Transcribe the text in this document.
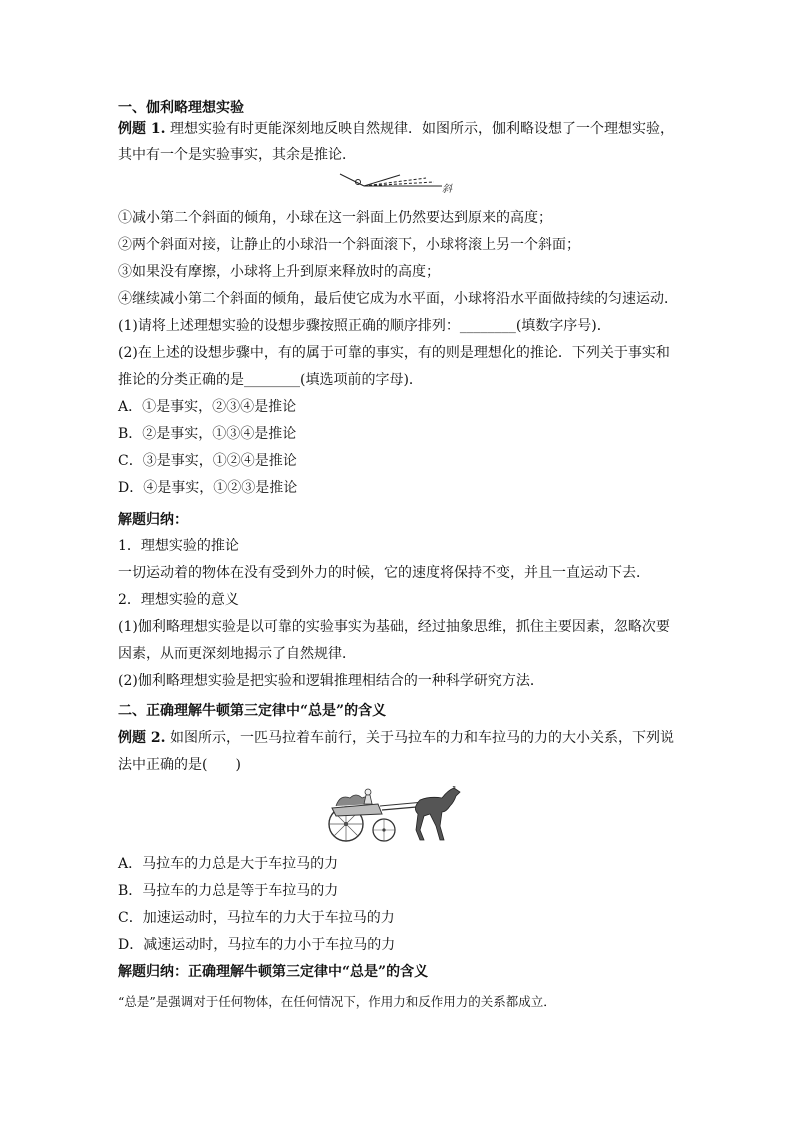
一、伽利略理想实验
例题 1. 理想实验有时更能深刻地反映自然规律．如图所示，伽利略设想了一个理想实验，
其中有一个是实验事实，其余是推论．
斜
①减小第二个斜面的倾角，小球在这一斜面上仍然要达到原来的高度；
②两个斜面对接，让静止的小球沿一个斜面滚下，小球将滚上另一个斜面；
③如果没有摩擦，小球将上升到原来释放时的高度；
④继续减小第二个斜面的倾角，最后使它成为水平面，小球将沿水平面做持续的匀速运动．
(1)请将上述理想实验的设想步骤按照正确的顺序排列：________(填数字序号)．
(2)在上述的设想步骤中，有的属于可靠的事实，有的则是理想化的推论．下列关于事实和
推论的分类正确的是________(填选项前的字母)．
A．①是事实，②③④是推论
B．②是事实，①③④是推论
C．③是事实，①②④是推论
D．④是事实，①②③是推论
解题归纳：
1．理想实验的推论
一切运动着的物体在没有受到外力的时候，它的速度将保持不变，并且一直运动下去．
2．理想实验的意义
(1)伽利略理想实验是以可靠的实验事实为基础，经过抽象思维，抓住主要因素，忽略次要
因素，从而更深刻地揭示了自然规律．
(2)伽利略理想实验是把实验和逻辑推理相结合的一种科学研究方法．
二、正确理解牛顿第三定律中“总是”的含义
例题 2. 如图所示，一匹马拉着车前行，关于马拉车的力和车拉马的力的大小关系，下列说
法中正确的是(　　)
A．马拉车的力总是大于车拉马的力
B．马拉车的力总是等于车拉马的力
C．加速运动时，马拉车的力大于车拉马的力
D．减速运动时，马拉车的力小于车拉马的力
解题归纳：正确理解牛顿第三定律中“总是”的含义
“总是”是强调对于任何物体，在任何情况下，作用力和反作用力的关系都成立．
